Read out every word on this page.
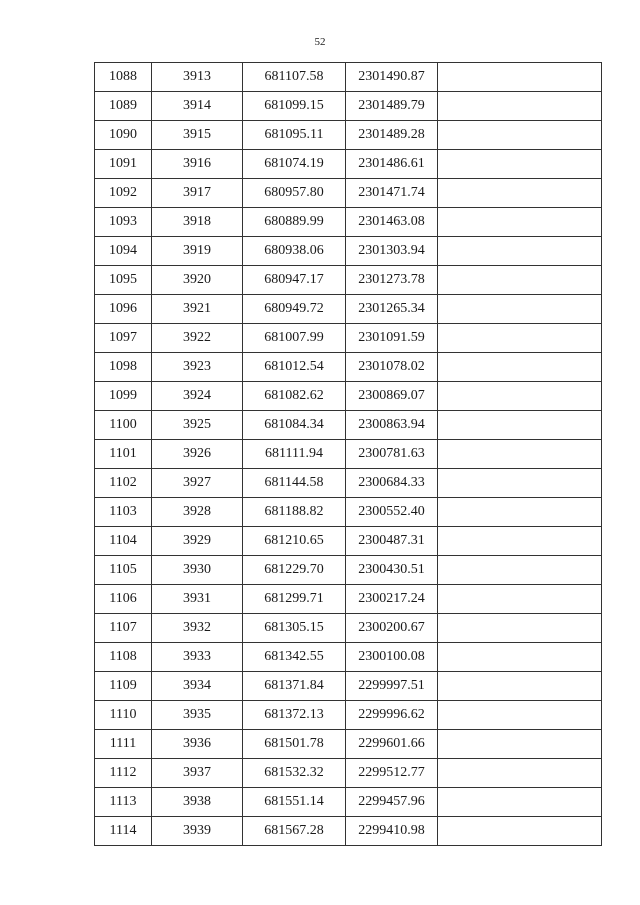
52
1088	3913	681107.58	2301490.87	
1089	3914	681099.15	2301489.79	
1090	3915	681095.11	2301489.28	
1091	3916	681074.19	2301486.61	
1092	3917	680957.80	2301471.74	
1093	3918	680889.99	2301463.08	
1094	3919	680938.06	2301303.94	
1095	3920	680947.17	2301273.78	
1096	3921	680949.72	2301265.34	
1097	3922	681007.99	2301091.59	
1098	3923	681012.54	2301078.02	
1099	3924	681082.62	2300869.07	
1100	3925	681084.34	2300863.94	
1101	3926	681111.94	2300781.63	
1102	3927	681144.58	2300684.33	
1103	3928	681188.82	2300552.40	
1104	3929	681210.65	2300487.31	
1105	3930	681229.70	2300430.51	
1106	3931	681299.71	2300217.24	
1107	3932	681305.15	2300200.67	
1108	3933	681342.55	2300100.08	
1109	3934	681371.84	2299997.51	
1110	3935	681372.13	2299996.62	
1111	3936	681501.78	2299601.66	
1112	3937	681532.32	2299512.77	
1113	3938	681551.14	2299457.96	
1114	3939	681567.28	2299410.98	
